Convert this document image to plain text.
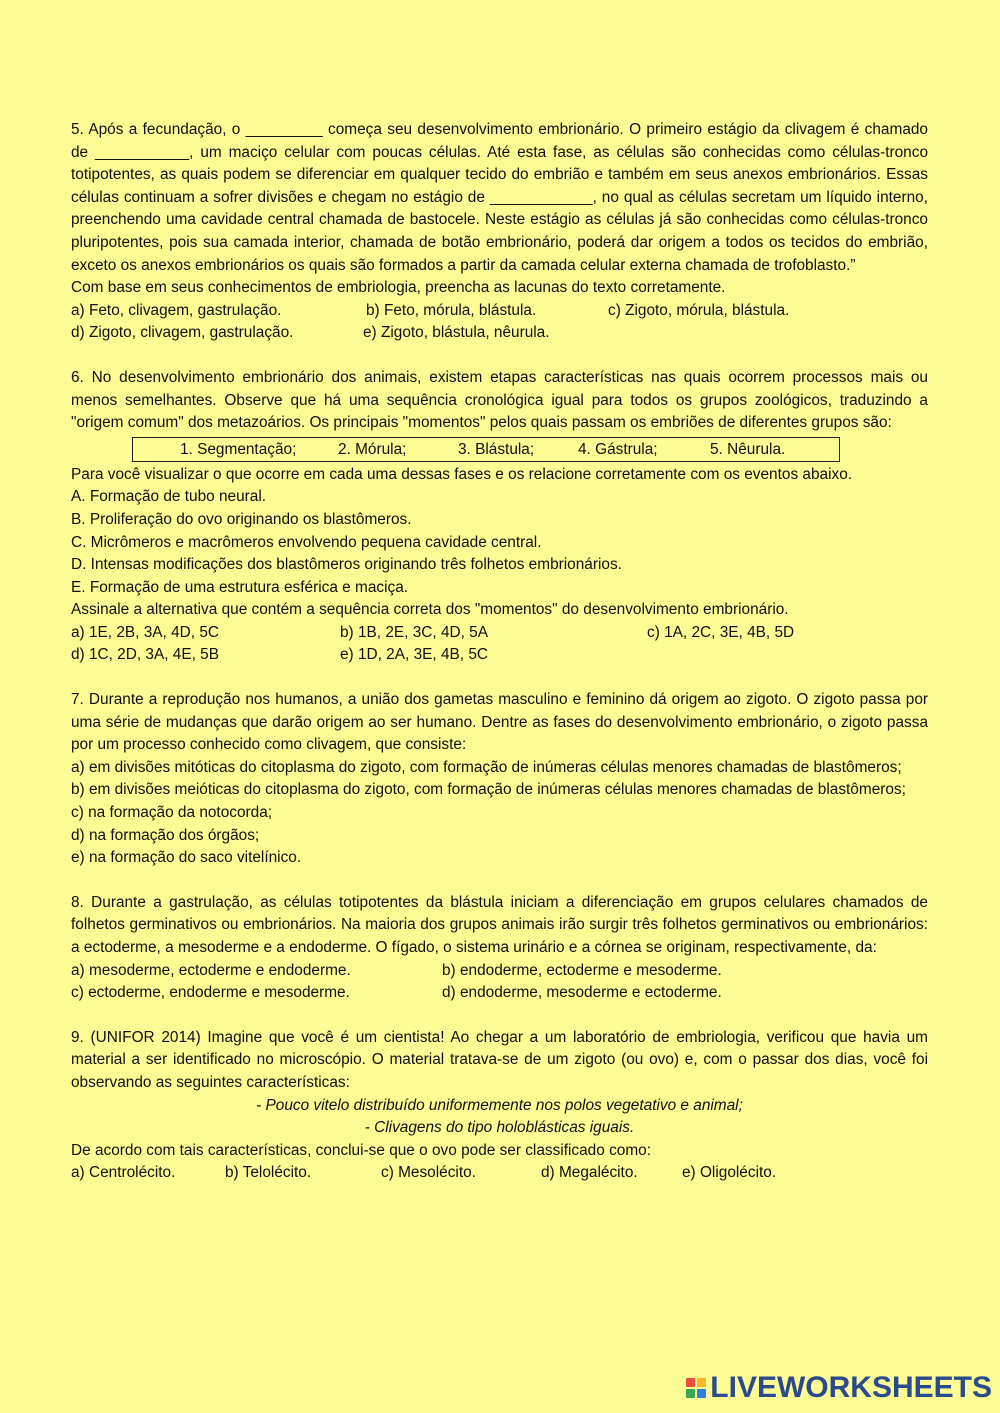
5. Após a fecundação, o _________ começa seu desenvolvimento embrionário. O primeiro estágio da clivagem é chamado de ___________, um maciço celular com poucas células. Até esta fase, as células são conhecidas como células-tronco totipotentes, as quais podem se diferenciar em qualquer tecido do embrião e também em seus anexos embrionários. Essas células continuam a sofrer divisões e chegam no estágio de ____________, no qual as células secretam um líquido interno, preenchendo uma cavidade central chamada de bastocele. Neste estágio as células já são conhecidas como células-tronco pluripotentes, pois sua camada interior, chamada de botão embrionário, poderá dar origem a todos os tecidos do embrião, exceto os anexos embrionários os quais são formados a partir da camada celular externa chamada de trofoblasto.”

Com base em seus conhecimentos de embriologia, preencha as lacunas do texto corretamente.

a) Feto, clivagem, gastrulação.	b) Feto, mórula, blástula.	c) Zigoto, mórula, blástula.
d) Zigoto, clivagem, gastrulação.	e) Zigoto, blástula, nêurula.

6. No desenvolvimento embrionário dos animais, existem etapas características nas quais ocorrem processos mais ou menos semelhantes. Observe que há uma sequência cronológica igual para todos os grupos zoológicos, traduzindo a "origem comum" dos metazoários. Os principais "momentos" pelos quais passam os embriões de diferentes grupos são:

1. Segmentação;	2. Mórula;	3. Blástula;	4. Gástrula;	5. Nêurula.

Para você visualizar o que ocorre em cada uma dessas fases e os relacione corretamente com os eventos abaixo.

A. Formação de tubo neural.

B. Proliferação do ovo originando os blastômeros.

C. Micrômeros e macrômeros envolvendo pequena cavidade central.

D. Intensas modificações dos blastômeros originando três folhetos embrionários.

E. Formação de uma estrutura esférica e maciça.

Assinale a alternativa que contém a sequência correta dos "momentos" do desenvolvimento embrionário.

a) 1E, 2B, 3A, 4D, 5C	b) 1B, 2E, 3C, 4D, 5A	c) 1A, 2C, 3E, 4B, 5D
d) 1C, 2D, 3A, 4E, 5B	e) 1D, 2A, 3E, 4B, 5C

7. Durante a reprodução nos humanos, a união dos gametas masculino e feminino dá origem ao zigoto. O zigoto passa por uma série de mudanças que darão origem ao ser humano. Dentre as fases do desenvolvimento embrionário, o zigoto passa por um processo conhecido como clivagem, que consiste:

a) em divisões mitóticas do citoplasma do zigoto, com formação de inúmeras células menores chamadas de blastômeros;

b) em divisões meióticas do citoplasma do zigoto, com formação de inúmeras células menores chamadas de blastômeros;

c) na formação da notocorda;

d) na formação dos órgãos;

e) na formação do saco vitelínico.

8. Durante a gastrulação, as células totipotentes da blástula iniciam a diferenciação em grupos celulares chamados de folhetos germinativos ou embrionários. Na maioria dos grupos animais irão surgir três folhetos germinativos ou embrionários: a ectoderme, a mesoderme e a endoderme. O fígado, o sistema urinário e a córnea se originam, respectivamente, da:

a) mesoderme, ectoderme e endoderme.	b) endoderme, ectoderme e mesoderme.
c) ectoderme, endoderme e mesoderme.	d) endoderme, mesoderme e ectoderme.

9. (UNIFOR 2014) Imagine que você é um cientista! Ao chegar a um laboratório de embriologia, verificou que havia um material a ser identificado no microscópio. O material tratava-se de um zigoto (ou ovo) e, com o passar dos dias, você foi observando as seguintes características:

- Pouco vitelo distribuído uniformemente nos polos vegetativo e animal;

- Clivagens do tipo holoblásticas iguais.

De acordo com tais características, conclui-se que o ovo pode ser classificado como:

a) Centrolécito.	b) Telolécito.	c) Mesolécito.	d) Megalécito.	e) Oligolécito.
LIVEWORKSHEETS
